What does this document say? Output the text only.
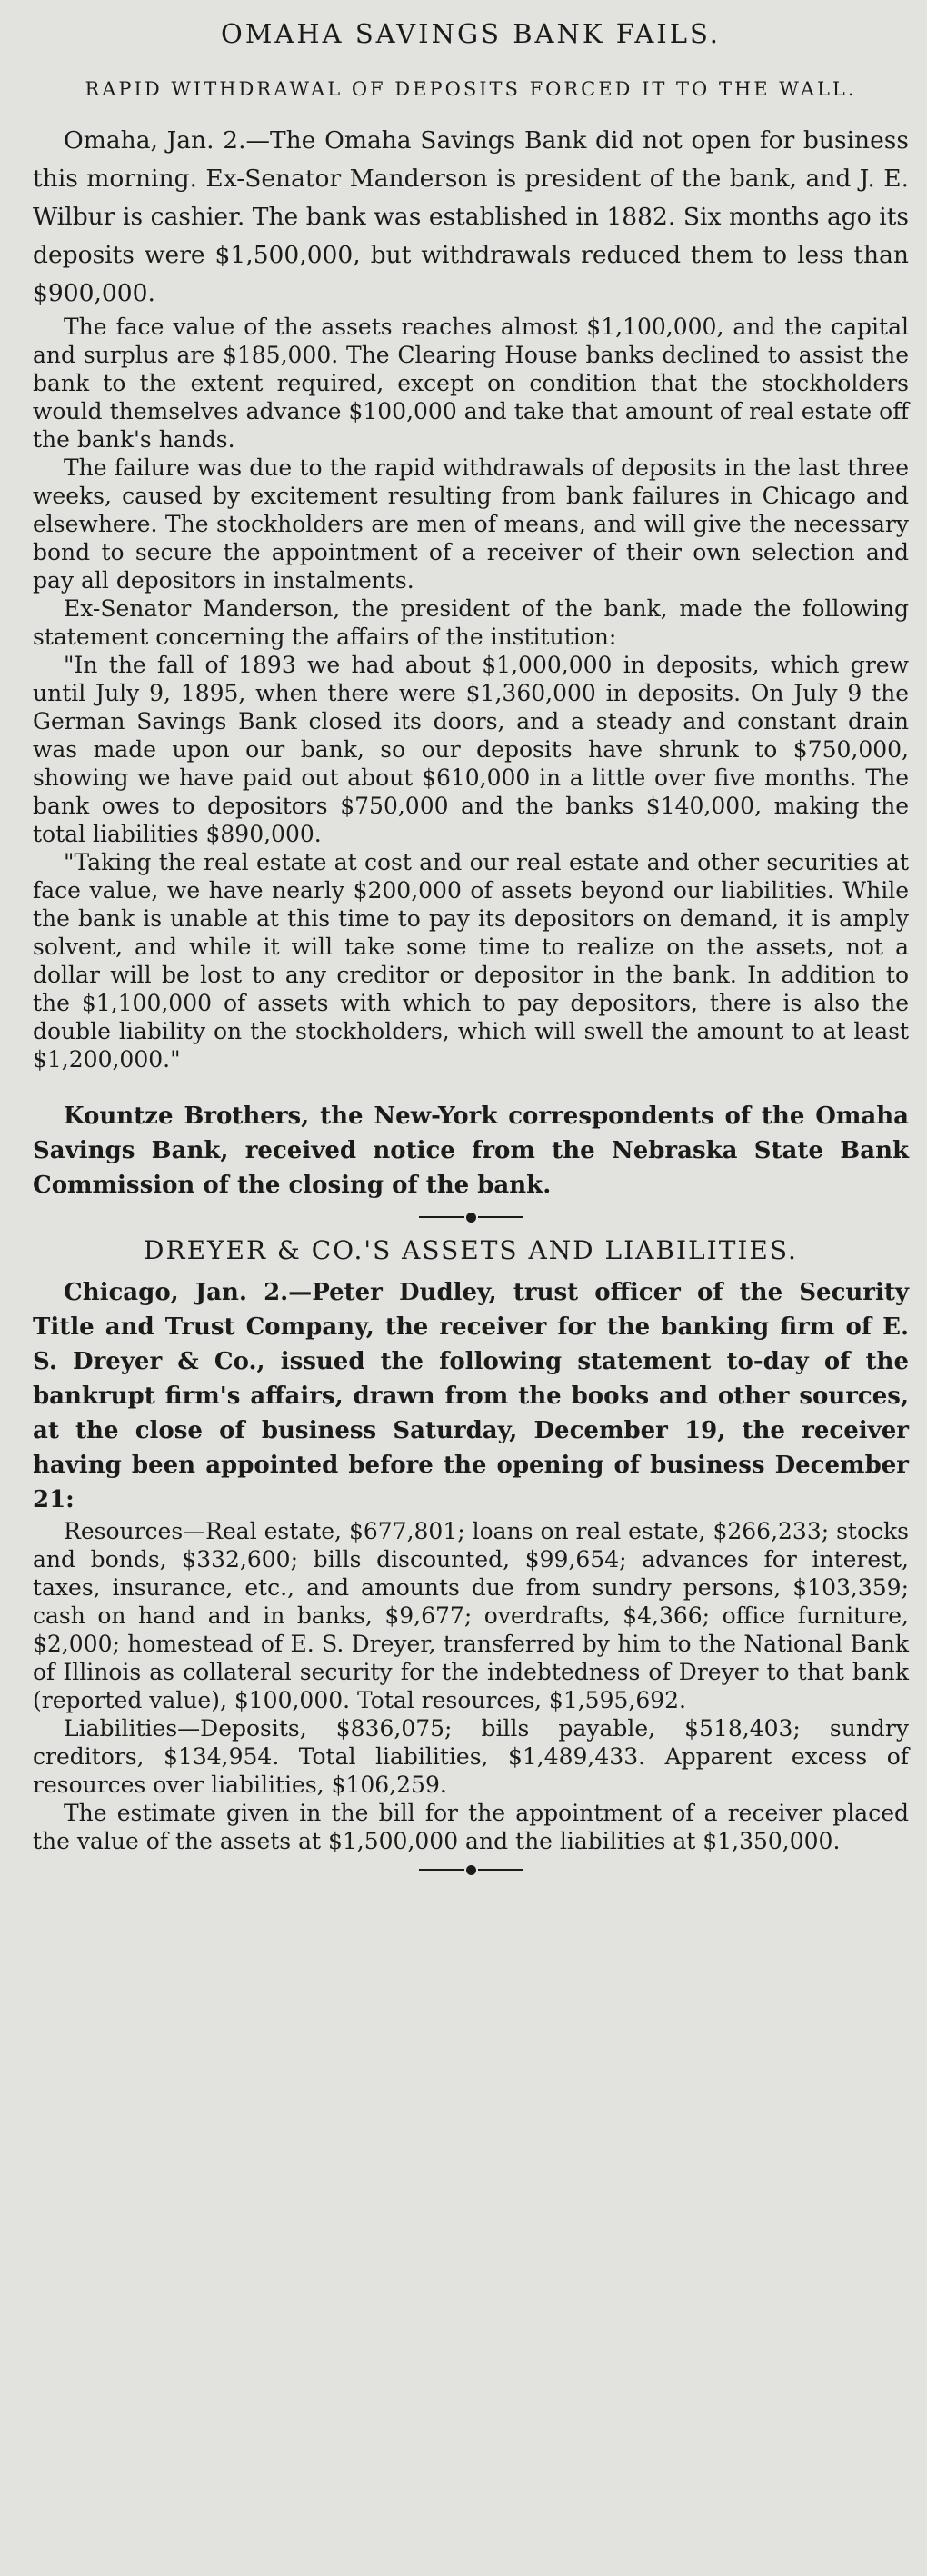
OMAHA SAVINGS BANK FAILS.
RAPID WITHDRAWAL OF DEPOSITS FORCED IT TO THE WALL.

Omaha, Jan. 2.—The Omaha Savings Bank did not open for business this morning. Ex-Senator Manderson is president of the bank, and J. E. Wilbur is cashier. The bank was established in 1882. Six months ago its deposits were $1,500,000, but withdrawals reduced them to less than $900,000.

The face value of the assets reaches almost $1,100,000, and the capital and surplus are $185,000. The Clearing House banks declined to assist the bank to the extent required, except on condition that the stockholders would themselves advance $100,000 and take that amount of real estate off the bank's hands.

The failure was due to the rapid withdrawals of deposits in the last three weeks, caused by excitement resulting from bank failures in Chicago and elsewhere. The stockholders are men of means, and will give the necessary bond to secure the appointment of a receiver of their own selection and pay all depositors in instalments.

Ex-Senator Manderson, the president of the bank, made the following statement concerning the affairs of the institution:

"In the fall of 1893 we had about $1,000,000 in deposits, which grew until July 9, 1895, when there were $1,360,000 in deposits. On July 9 the German Savings Bank closed its doors, and a steady and constant drain was made upon our bank, so our deposits have shrunk to $750,000, showing we have paid out about $610,000 in a little over five months. The bank owes to depositors $750,000 and the banks $140,000, making the total liabilities $890,000.

"Taking the real estate at cost and our real estate and other securities at face value, we have nearly $200,000 of assets beyond our liabilities. While the bank is unable at this time to pay its depositors on demand, it is amply solvent, and while it will take some time to realize on the assets, not a dollar will be lost to any creditor or depositor in the bank. In addition to the $1,100,000 of assets with which to pay depositors, there is also the double liability on the stockholders, which will swell the amount to at least $1,200,000."

Kountze Brothers, the New-York correspondents of the Omaha Savings Bank, received notice from the Nebraska State Bank Commission of the closing of the bank.

DREYER & CO.'S ASSETS AND LIABILITIES.

Chicago, Jan. 2.—Peter Dudley, trust officer of the Security Title and Trust Company, the receiver for the banking firm of E. S. Dreyer & Co., issued the following statement to-day of the bankrupt firm's affairs, drawn from the books and other sources, at the close of business Saturday, December 19, the receiver having been appointed before the opening of business December 21:

Resources—Real estate, $677,801; loans on real estate, $266,233; stocks and bonds, $332,600; bills discounted, $99,654; advances for interest, taxes, insurance, etc., and amounts due from sundry persons, $103,359; cash on hand and in banks, $9,677; overdrafts, $4,366; office furniture, $2,000; homestead of E. S. Dreyer, transferred by him to the National Bank of Illinois as collateral security for the indebtedness of Dreyer to that bank (reported value), $100,000. Total resources, $1,595,692.

Liabilities—Deposits, $836,075; bills payable, $518,403; sundry creditors, $134,954. Total liabilities, $1,489,433. Apparent excess of resources over liabilities, $106,259.

The estimate given in the bill for the appointment of a receiver placed the value of the assets at $1,500,000 and the liabilities at $1,350,000.
